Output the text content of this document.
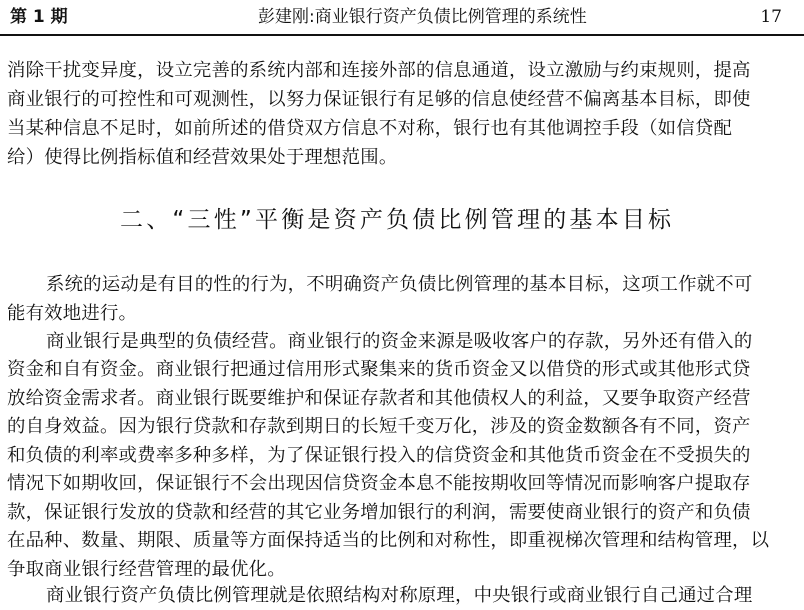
第 1 期	彭建刚:商业银行资产负债比例管理的系统性	17
消除干扰变异度，设立完善的系统内部和连接外部的信息通道，设立激励与约束规则，提高
商业银行的可控性和可观测性，以努力保证银行有足够的信息使经营不偏离基本目标，即使
当某种信息不足时，如前所述的借贷双方信息不对称，银行也有其他调控手段（如信贷配
给）使得比例指标值和经营效果处于理想范围。
二、“三性”平衡是资产负债比例管理的基本目标
系统的运动是有目的性的行为，不明确资产负债比例管理的基本目标，这项工作就不可
能有效地进行。
商业银行是典型的负债经营。商业银行的资金来源是吸收客户的存款，另外还有借入的
资金和自有资金。商业银行把通过信用形式聚集来的货币资金又以借贷的形式或其他形式贷
放给资金需求者。商业银行既要维护和保证存款者和其他债权人的利益，又要争取资产经营
的自身效益。因为银行贷款和存款到期日的长短千变万化，涉及的资金数额各有不同，资产
和负债的利率或费率多种多样，为了保证银行投入的信贷资金和其他货币资金在不受损失的
情况下如期收回，保证银行不会出现因信贷资金本息不能按期收回等情况而影响客户提取存
款，保证银行发放的贷款和经营的其它业务增加银行的利润，需要使商业银行的资产和负债
在品种、数量、期限、质量等方面保持适当的比例和对称性，即重视梯次管理和结构管理，以
争取商业银行经营管理的最优化。
商业银行资产负债比例管理就是依照结构对称原理，中央银行或商业银行自己通过合理
